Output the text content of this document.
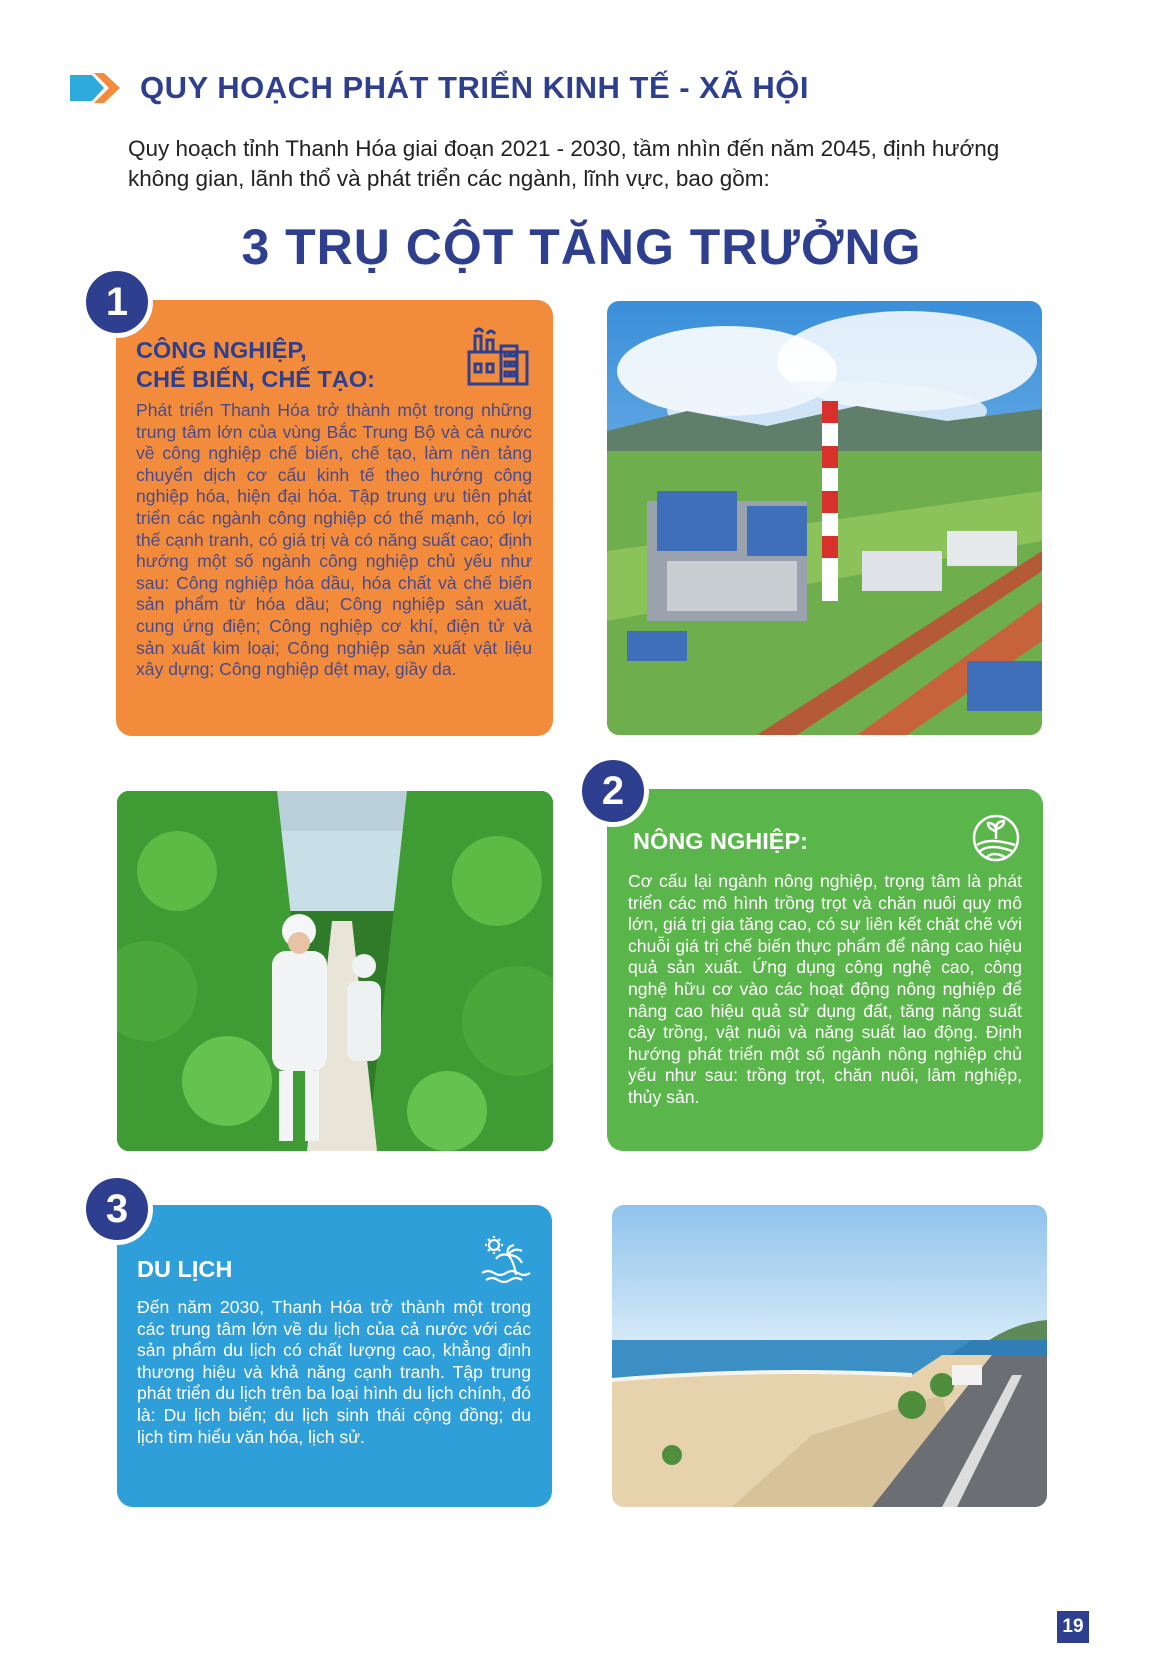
QUY HOẠCH PHÁT TRIỂN KINH TẾ - XÃ HỘI
Quy hoạch tỉnh Thanh Hóa giai đoạn 2021 - 2030, tầm nhìn đến năm 2045, định hướng không gian, lãnh thổ và phát triển các ngành, lĩnh vực, bao gồm:
3 TRỤ CỘT TĂNG TRƯỞNG
CÔNG NGHIỆP,
CHẾ BIẾN, CHẾ TẠO:
Phát triển Thanh Hóa trở thành một trong những trung tâm lớn của vùng Bắc Trung Bộ và cả nước về công nghiệp chế biến, chế tạo, làm nền tảng chuyển dịch cơ cấu kinh tế theo hướng công nghiệp hóa, hiện đại hóa. Tập trung ưu tiên phát triển các ngành công nghiệp có thế mạnh, có lợi thế cạnh tranh, có giá trị và có năng suất cao; định hướng một số ngành công nghiệp chủ yếu như sau: Công nghiệp hóa dầu, hóa chất và chế biến sản phẩm từ hóa dầu; Công nghiệp sản xuất, cung ứng điện; Công nghiệp cơ khí, điện tử và sản xuất kim loại; Công nghiệp sản xuất vật liệu xây dựng; Công nghiệp dệt may, giầy da.
1
NÔNG NGHIỆP:
Cơ cấu lại ngành nông nghiệp, trọng tâm là phát triển các mô hình trồng trọt và chăn nuôi quy mô lớn, giá trị gia tăng cao, có sự liên kết chặt chẽ với chuỗi giá trị chế biến thực phẩm để nâng cao hiệu quả sản xuất. Ứng dụng công nghệ cao, công nghệ hữu cơ vào các hoạt động nông nghiệp để nâng cao hiệu quả sử dụng đất, tăng năng suất cây trồng, vật nuôi và năng suất lao động. Định hướng phát triển một số ngành nông nghiệp chủ yếu như sau: trồng trọt, chăn nuôi, lâm nghiệp, thủy sản.
2
DU LỊCH
Đến năm 2030, Thanh Hóa trở thành một trong các trung tâm lớn về du lịch của cả nước với các sản phẩm du lịch có chất lượng cao, khẳng định thương hiệu và khả năng cạnh tranh. Tập trung phát triển du lịch trên ba loại hình du lịch chính, đó là: Du lịch biển; du lịch sinh thái cộng đồng; du lịch tìm hiểu văn hóa, lịch sử.
3
19
